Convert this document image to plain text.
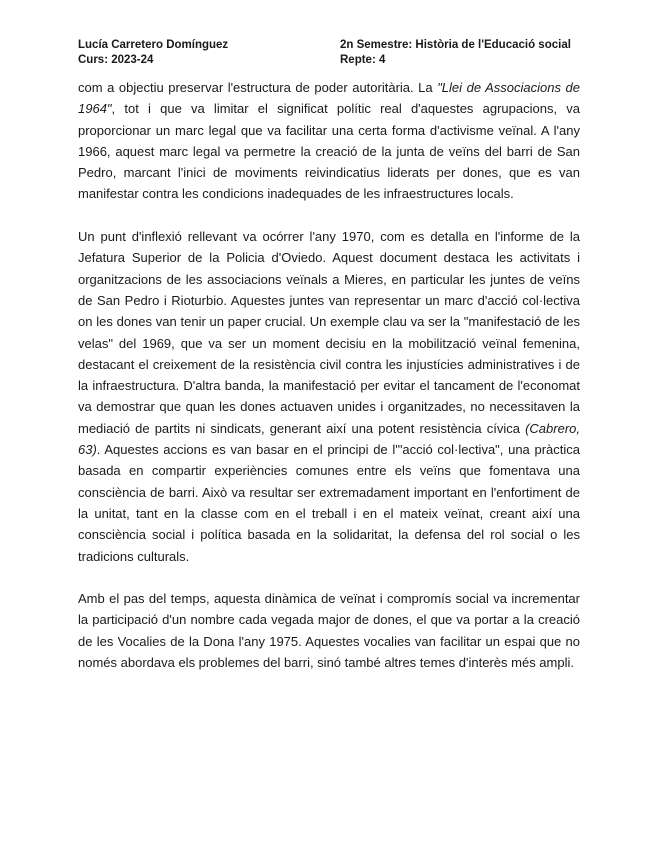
Lucía Carretero Domínguez	2n Semestre: Història de l'Educació social
Curs: 2023-24	Repte: 4

com a objectiu preservar l'estructura de poder autoritària. La "Llei de Associacions de 1964", tot i que va limitar el significat polític real d'aquestes agrupacions, va proporcionar un marc legal que va facilitar una certa forma d'activisme veïnal. A l'any 1966, aquest marc legal va permetre la creació de la junta de veïns del barri de San Pedro, marcant l'inici de moviments reivindicatius liderats per dones, que es van manifestar contra les condicions inadequades de les infraestructures locals.

Un punt d'inflexió rellevant va ocórrer l'any 1970, com es detalla en l'informe de la Jefatura Superior de la Policia d'Oviedo. Aquest document destaca les activitats i organitzacions de les associacions veïnals a Mieres, en particular les juntes de veïns de San Pedro i Rioturbio. Aquestes juntes van representar un marc d'acció col·lectiva on les dones van tenir un paper crucial. Un exemple clau va ser la "manifestació de les velas" del 1969, que va ser un moment decisiu en la mobilització veïnal femenina, destacant el creixement de la resistència civil contra les injustícies administratives i de la infraestructura. D'altra banda, la manifestació per evitar el tancament de l'economat va demostrar que quan les dones actuaven unides i organitzades, no necessitaven la mediació de partits ni sindicats, generant així una potent resistència cívica (Cabrero, 63). Aquestes accions es van basar en el principi de l'"acció col·lectiva", una pràctica basada en compartir experiències comunes entre els veïns que fomentava una consciència de barri. Això va resultar ser extremadament important en l'enfortiment de la unitat, tant en la classe com en el treball i en el mateix veïnat, creant així una consciència social i política basada en la solidaritat, la defensa del rol social o les tradicions culturals.

Amb el pas del temps, aquesta dinàmica de veïnat i compromís social va incrementar la participació d'un nombre cada vegada major de dones, el que va portar a la creació de les Vocalies de la Dona l'any 1975. Aquestes vocalies van facilitar un espai que no només abordava els problemes del barri, sinó també altres temes d'interès més ampli.
